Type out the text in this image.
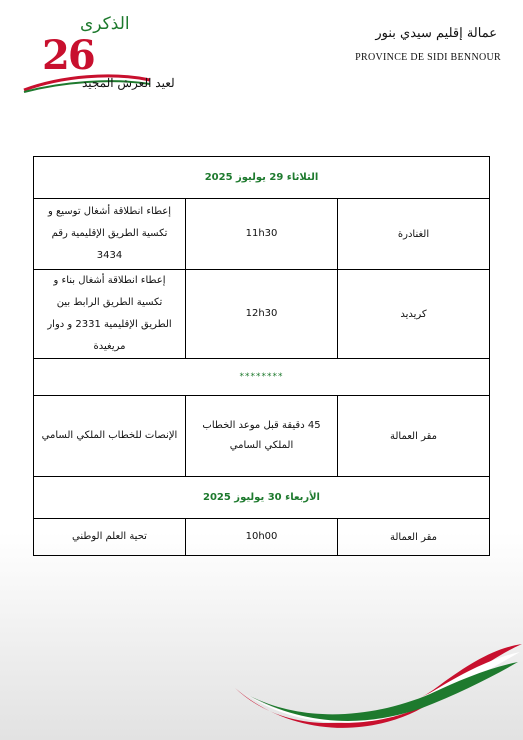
الذكرى
26
لعيد العرش المجيد
عمالة إقليم سيدي بنور
PROVINCE DE SIDI BENNOUR
الثلاثاء 29 يوليوز 2025		
إعطاء انطلاقة أشغال توسيع و تكسية الطريق الإقليمية رقم 3434	11h30	الغنادرة
إعطاء انطلاقة أشغال بناء و تكسية الطريق الرابط بين الطريق الإقليمية 2331 و دوار مريغيدة	12h30	كريديد
********		
الإنصات للخطاب الملكي السامي	45 دقيقة قبل موعد الخطاب الملكي السامي	مقر العمالة
الأربعاء 30 يوليوز 2025		
تحية العلم الوطني	10h00	مقر العمالة
